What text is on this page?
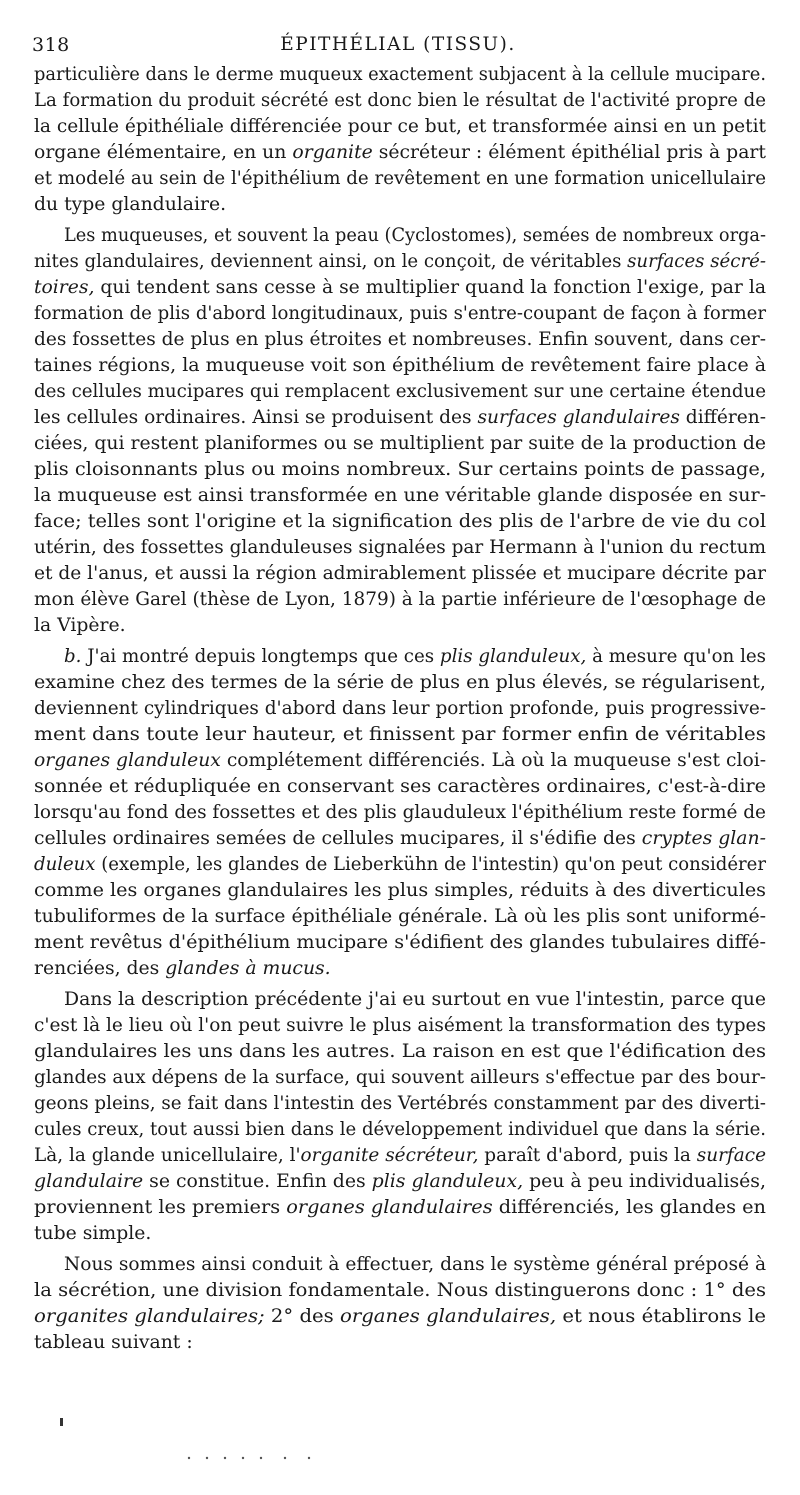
318	ÉPITHÉLIAL (TISSU).
particulière dans le derme muqueux exactement subjacent à la cellule mucipare.
La formation du produit sécrété est donc bien le résultat de l'activité propre de
la cellule épithéliale différenciée pour ce but, et transformée ainsi en un petit
organe élémentaire, en un organite sécréteur : élément épithélial pris à part
et modelé au sein de l'épithélium de revêtement en une formation unicellulaire
du type glandulaire.
Les muqueuses, et souvent la peau (Cyclostomes), semées de nombreux orga-
nites glandulaires, deviennent ainsi, on le conçoit, de véritables surfaces sécré-
toires, qui tendent sans cesse à se multiplier quand la fonction l'exige, par la
formation de plis d'abord longitudinaux, puis s'entre-coupant de façon à former
des fossettes de plus en plus étroites et nombreuses. Enfin souvent, dans cer-
taines régions, la muqueuse voit son épithélium de revêtement faire place à
des cellules mucipares qui remplacent exclusivement sur une certaine étendue
les cellules ordinaires. Ainsi se produisent des surfaces glandulaires différen-
ciées, qui restent planiformes ou se multiplient par suite de la production de
plis cloisonnants plus ou moins nombreux. Sur certains points de passage,
la muqueuse est ainsi transformée en une véritable glande disposée en sur-
face; telles sont l'origine et la signification des plis de l'arbre de vie du col
utérin, des fossettes glanduleuses signalées par Hermann à l'union du rectum
et de l'anus, et aussi la région admirablement plissée et mucipare décrite par
mon élève Garel (thèse de Lyon, 1879) à la partie inférieure de l'œsophage de
la Vipère.
b. J'ai montré depuis longtemps que ces plis glanduleux, à mesure qu'on les
examine chez des termes de la série de plus en plus élevés, se régularisent,
deviennent cylindriques d'abord dans leur portion profonde, puis progressive-
ment dans toute leur hauteur, et finissent par former enfin de véritables
organes glanduleux complétement différenciés. Là où la muqueuse s'est cloi-
sonnée et rédupliquée en conservant ses caractères ordinaires, c'est-à-dire
lorsqu'au fond des fossettes et des plis glauduleux l'épithélium reste formé de
cellules ordinaires semées de cellules mucipares, il s'édifie des cryptes glan-
duleux (exemple, les glandes de Lieberkühn de l'intestin) qu'on peut considérer
comme les organes glandulaires les plus simples, réduits à des diverticules
tubuliformes de la surface épithéliale générale. Là où les plis sont uniformé-
ment revêtus d'épithélium mucipare s'édifient des glandes tubulaires diffé-
renciées, des glandes à mucus.
Dans la description précédente j'ai eu surtout en vue l'intestin, parce que
c'est là le lieu où l'on peut suivre le plus aisément la transformation des types
glandulaires les uns dans les autres. La raison en est que l'édification des
glandes aux dépens de la surface, qui souvent ailleurs s'effectue par des bour-
geons pleins, se fait dans l'intestin des Vertébrés constamment par des diverti-
cules creux, tout aussi bien dans le développement individuel que dans la série.
Là, la glande unicellulaire, l'organite sécréteur, paraît d'abord, puis la surface
glandulaire se constitue. Enfin des plis glanduleux, peu à peu individualisés,
proviennent les premiers organes glandulaires différenciés, les glandes en
tube simple.
Nous sommes ainsi conduit à effectuer, dans le système général préposé à
la sécrétion, une division fondamentale. Nous distinguerons donc : 1° des
organites glandulaires; 2° des organes glandulaires, et nous établirons le
tableau suivant :
